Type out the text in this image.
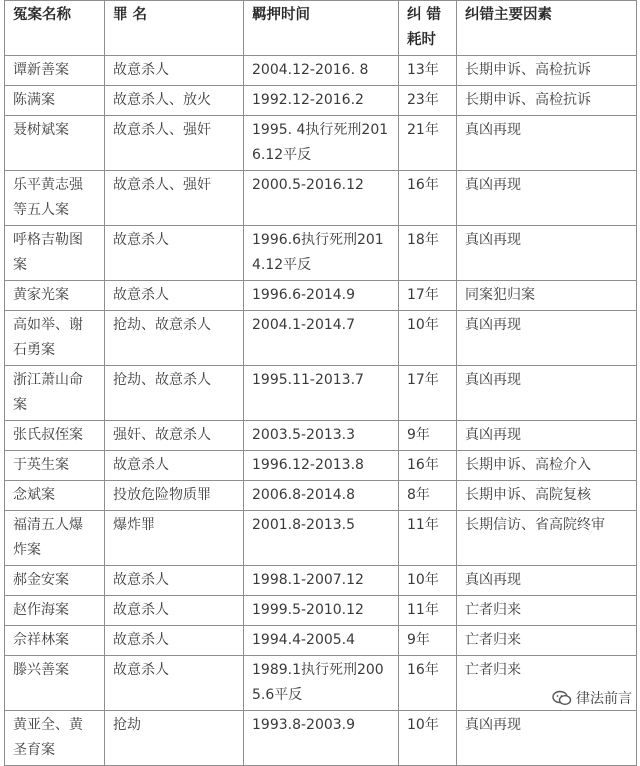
冤案名称	罪 名	羁押时间	纠 错 耗时	纠错主要因素
谭新善案	故意杀人	2004.12-2016. 8	13年	长期申诉、高检抗诉
陈满案	故意杀人、放火	1992.12-2016.2	23年	长期申诉、高检抗诉
聂树斌案	故意杀人、强奸	1995. 4执行死刑2016.12平反	21年	真凶再现
乐平黄志强等五人案	故意杀人、强奸	2000.5-2016.12	16年	真凶再现
呼格吉勒图案	故意杀人	1996.6执行死刑2014.12平反	18年	真凶再现
黄家光案	故意杀人	1996.6-2014.9	17年	同案犯归案
高如举、谢石勇案	抢劫、故意杀人	2004.1-2014.7	10年	真凶再现
浙江萧山命案	抢劫、故意杀人	1995.11-2013.7	17年	真凶再现
张氏叔侄案	强奸、故意杀人	2003.5-2013.3	9年	真凶再现
于英生案	故意杀人	1996.12-2013.8	16年	长期申诉、高检介入
念斌案	投放危险物质罪	2006.8-2014.8	8年	长期申诉、高院复核
福清五人爆炸案	爆炸罪	2001.8-2013.5	11年	长期信访、省高院终审
郝金安案	故意杀人	1998.1-2007.12	10年	真凶再现
赵作海案	故意杀人	1999.5-2010.12	11年	亡者归来
佘祥林案	故意杀人	1994.4-2005.4	9年	亡者归来
滕兴善案	故意杀人	1989.1执行死刑2005.6平反	16年	亡者归来
黄亚全、黄圣育案	抢劫	1993.8-2003.9	10年	真凶再现
律法前言
